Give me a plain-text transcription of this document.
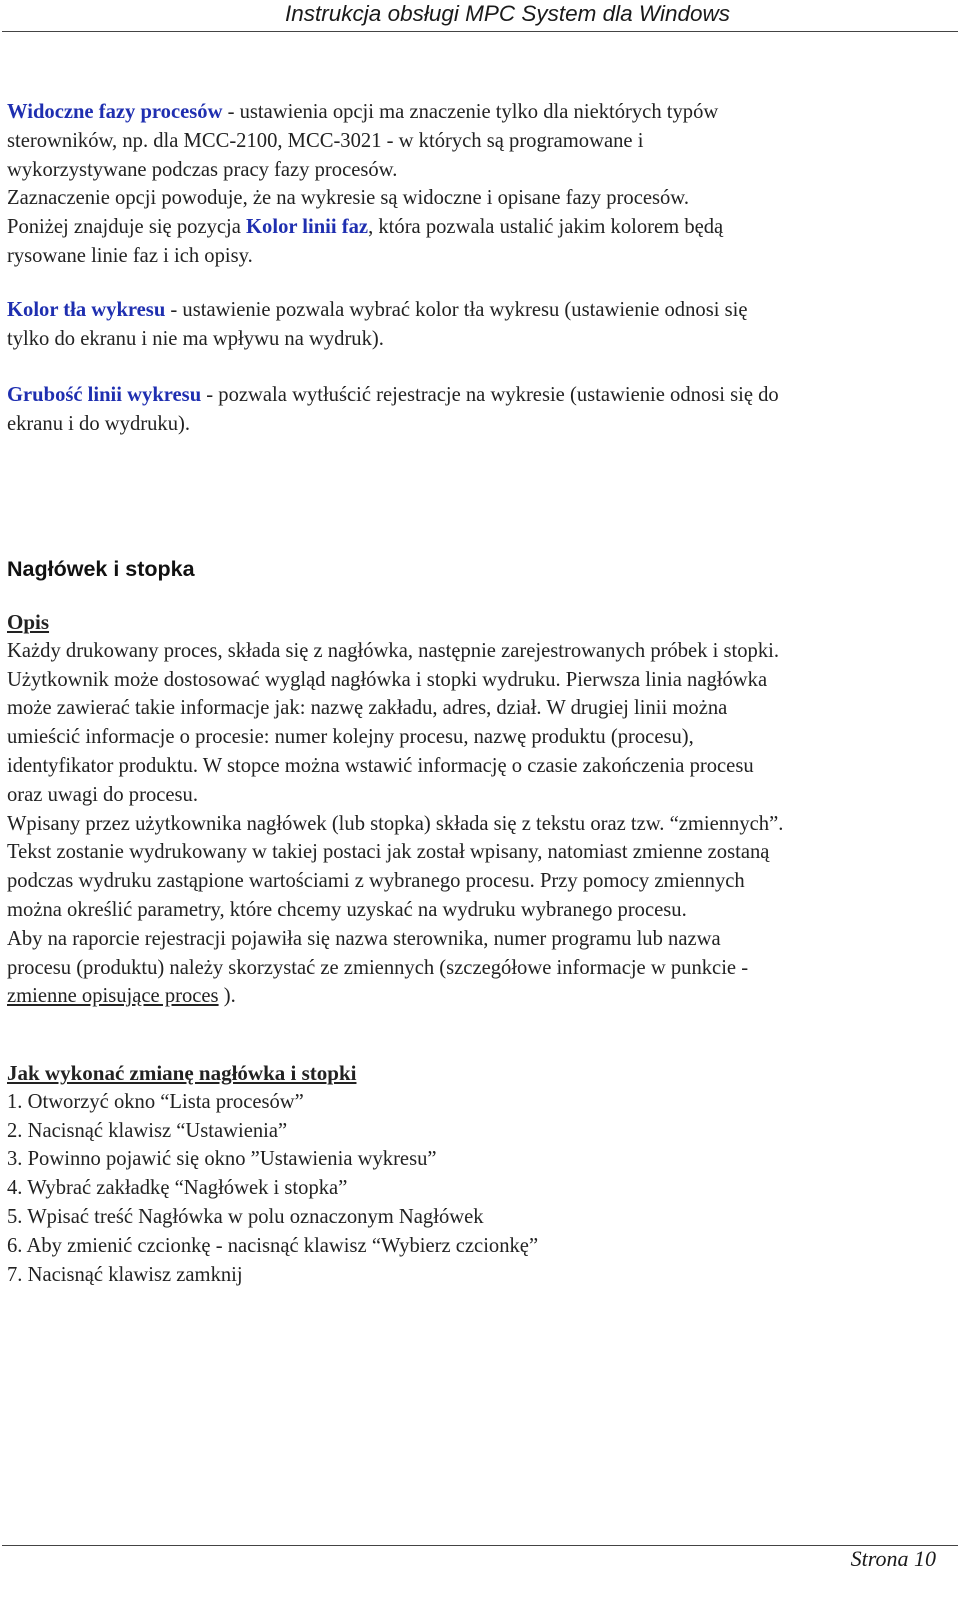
Instrukcja obsługi MPC System dla Windows

Widoczne fazy procesów - ustawienia opcji ma znaczenie tylko dla niektórych typów

sterowników, np. dla MCC-2100, MCC-3021 - w których są programowane i

wykorzystywane podczas pracy fazy procesów.

Zaznaczenie opcji powoduje, że na wykresie są widoczne i opisane fazy procesów.

Poniżej znajduje się pozycja Kolor linii faz, która pozwala ustalić jakim kolorem będą

rysowane linie faz i ich opisy.

Kolor tła wykresu - ustawienie pozwala wybrać kolor tła wykresu (ustawienie odnosi się

tylko do ekranu i nie ma wpływu na wydruk).

Grubość linii wykresu - pozwala wytłuścić rejestracje na wykresie (ustawienie odnosi się do

ekranu i do wydruku).

Nagłówek i stopka

Opis

Każdy drukowany proces, składa się z nagłówka, następnie zarejestrowanych próbek i stopki.

Użytkownik może dostosować wygląd nagłówka i stopki wydruku. Pierwsza linia nagłówka

może zawierać takie informacje jak: nazwę zakładu, adres, dział. W drugiej linii można

umieścić informacje o procesie: numer kolejny procesu, nazwę produktu (procesu),

identyfikator produktu. W stopce można wstawić informację o czasie zakończenia procesu

oraz uwagi do procesu.

Wpisany przez użytkownika nagłówek (lub stopka) składa się z tekstu oraz tzw. “zmiennych”.

Tekst zostanie wydrukowany w takiej postaci jak został wpisany, natomiast zmienne zostaną

podczas wydruku zastąpione wartościami z wybranego procesu. Przy pomocy zmiennych

można określić parametry, które chcemy uzyskać na wydruku wybranego procesu.

Aby na raporcie rejestracji pojawiła się nazwa sterownika, numer programu lub nazwa

procesu (produktu) należy skorzystać ze zmiennych (szczegółowe informacje w punkcie -

zmienne opisujące proces ).

Jak wykonać zmianę nagłówka i stopki

1. Otworzyć okno “Lista procesów”

2. Nacisnąć klawisz “Ustawienia”

3. Powinno pojawić się okno ”Ustawienia wykresu”

4. Wybrać zakładkę “Nagłówek i stopka”

5. Wpisać treść Nagłówka w polu oznaczonym Nagłówek

6. Aby zmienić czcionkę - nacisnąć klawisz “Wybierz czcionkę”

7. Nacisnąć klawisz zamknij

Strona 10
